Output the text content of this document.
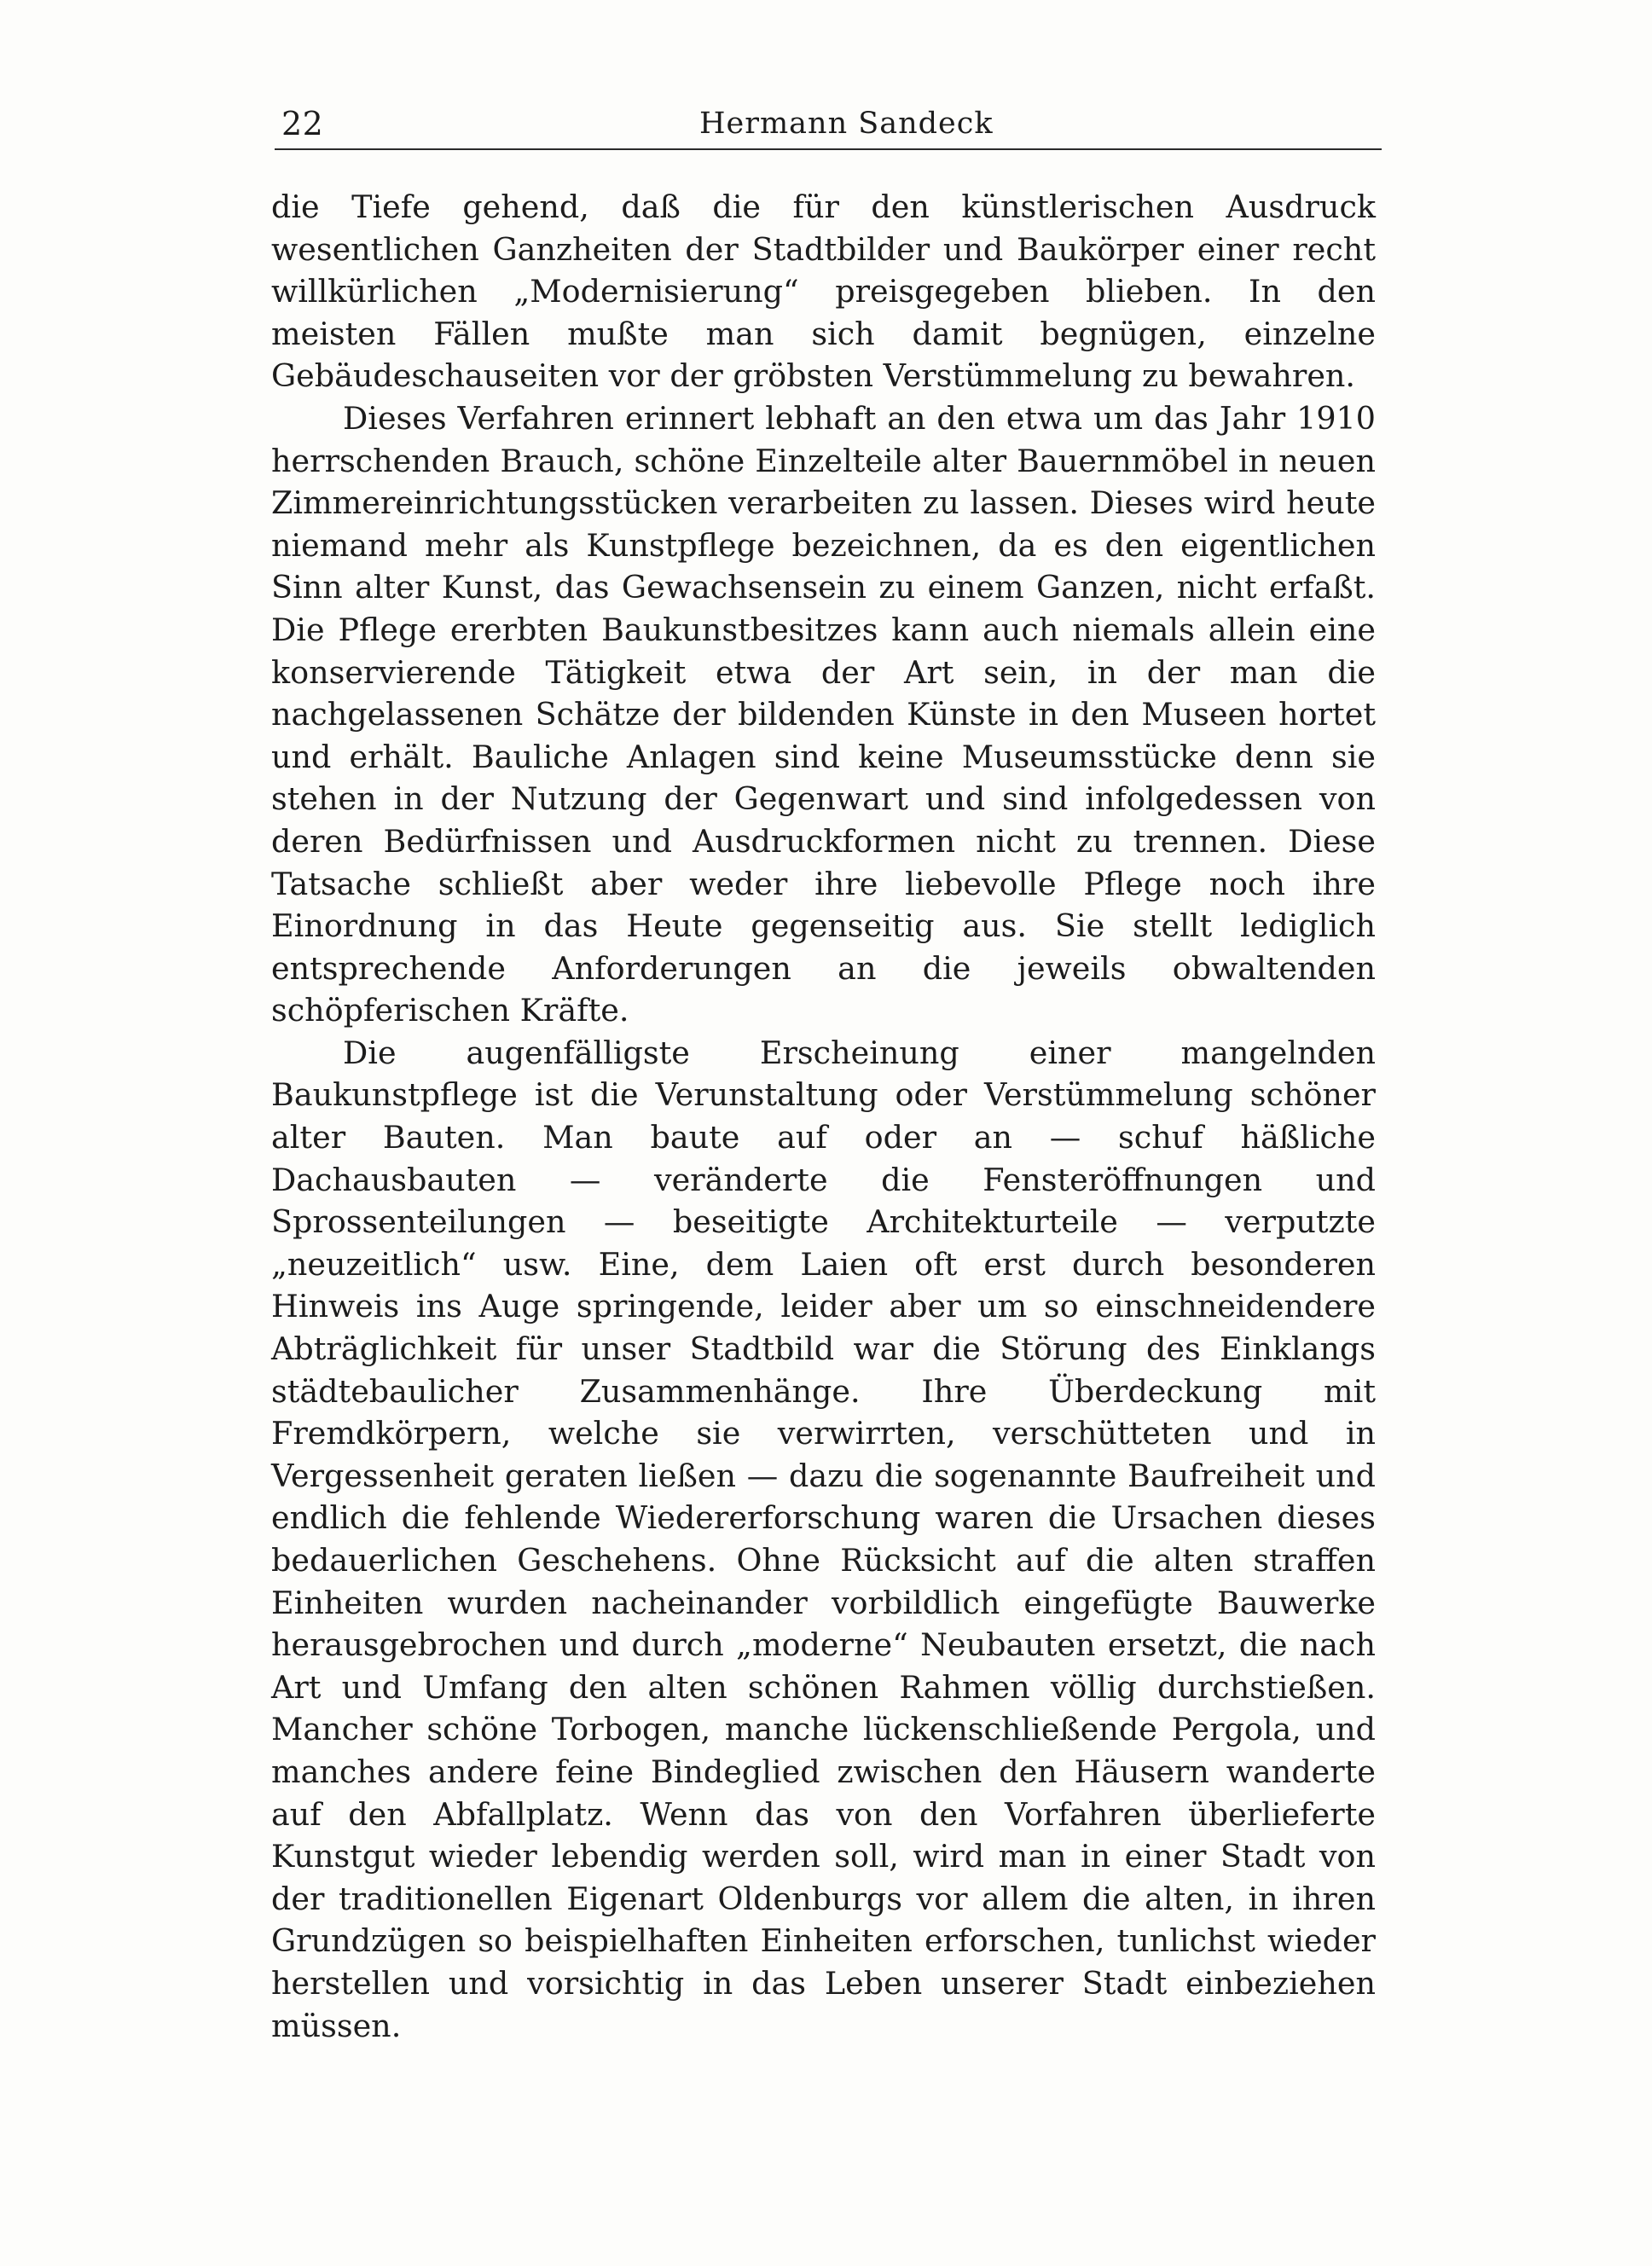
22	Hermann Sandeck

die Tiefe gehend, daß die für den künstlerischen Ausdruck wesentlichen Ganzheiten der Stadtbilder und Baukörper einer recht willkürlichen „Modernisierung“ preisgegeben blieben. In den meisten Fällen mußte man sich damit begnügen, einzelne Gebäudeschauseiten vor der gröbsten Verstümmelung zu bewahren.

Dieses Verfahren erinnert lebhaft an den etwa um das Jahr 1910 herrschenden Brauch, schöne Einzelteile alter Bauernmöbel in neuen Zimmereinrichtungsstücken verarbeiten zu lassen. Dieses wird heute niemand mehr als Kunstpflege bezeichnen, da es den eigentlichen Sinn alter Kunst, das Gewachsensein zu einem Ganzen, nicht erfaßt. Die Pflege ererbten Baukunstbesitzes kann auch niemals allein eine konservierende Tätigkeit etwa der Art sein, in der man die nachgelassenen Schätze der bildenden Künste in den Museen hortet und erhält. Bauliche Anlagen sind keine Museumsstücke denn sie stehen in der Nutzung der Gegenwart und sind infolgedessen von deren Bedürfnissen und Ausdruckformen nicht zu trennen. Diese Tatsache schließt aber weder ihre liebevolle Pflege noch ihre Einordnung in das Heute gegenseitig aus. Sie stellt lediglich entsprechende Anforderungen an die jeweils obwaltenden schöpferischen Kräfte.

Die augenfälligste Erscheinung einer mangelnden Baukunstpflege ist die Verunstaltung oder Verstümmelung schöner alter Bauten. Man baute auf oder an — schuf häßliche Dachausbauten — veränderte die Fensteröffnungen und Sprossenteilungen — beseitigte Architekturteile — verputzte „neuzeitlich“ usw. Eine, dem Laien oft erst durch besonderen Hinweis ins Auge springende, leider aber um so einschneidendere Abträglichkeit für unser Stadtbild war die Störung des Einklangs städtebaulicher Zusammenhänge. Ihre Überdeckung mit Fremdkörpern, welche sie verwirrten, verschütteten und in Vergessenheit geraten ließen — dazu die sogenannte Baufreiheit und endlich die fehlende Wiedererforschung waren die Ursachen dieses bedauerlichen Geschehens. Ohne Rücksicht auf die alten straffen Einheiten wurden nacheinander vorbildlich eingefügte Bauwerke herausgebrochen und durch „moderne“ Neubauten ersetzt, die nach Art und Umfang den alten schönen Rahmen völlig durchstießen. Mancher schöne Torbogen, manche lückenschließende Pergola, und manches andere feine Bindeglied zwischen den Häusern wanderte auf den Abfallplatz. Wenn das von den Vorfahren überlieferte Kunstgut wieder lebendig werden soll, wird man in einer Stadt von der traditionellen Eigenart Oldenburgs vor allem die alten, in ihren Grundzügen so beispielhaften Einheiten erforschen, tunlichst wieder herstellen und vorsichtig in das Leben unserer Stadt einbeziehen müssen.
